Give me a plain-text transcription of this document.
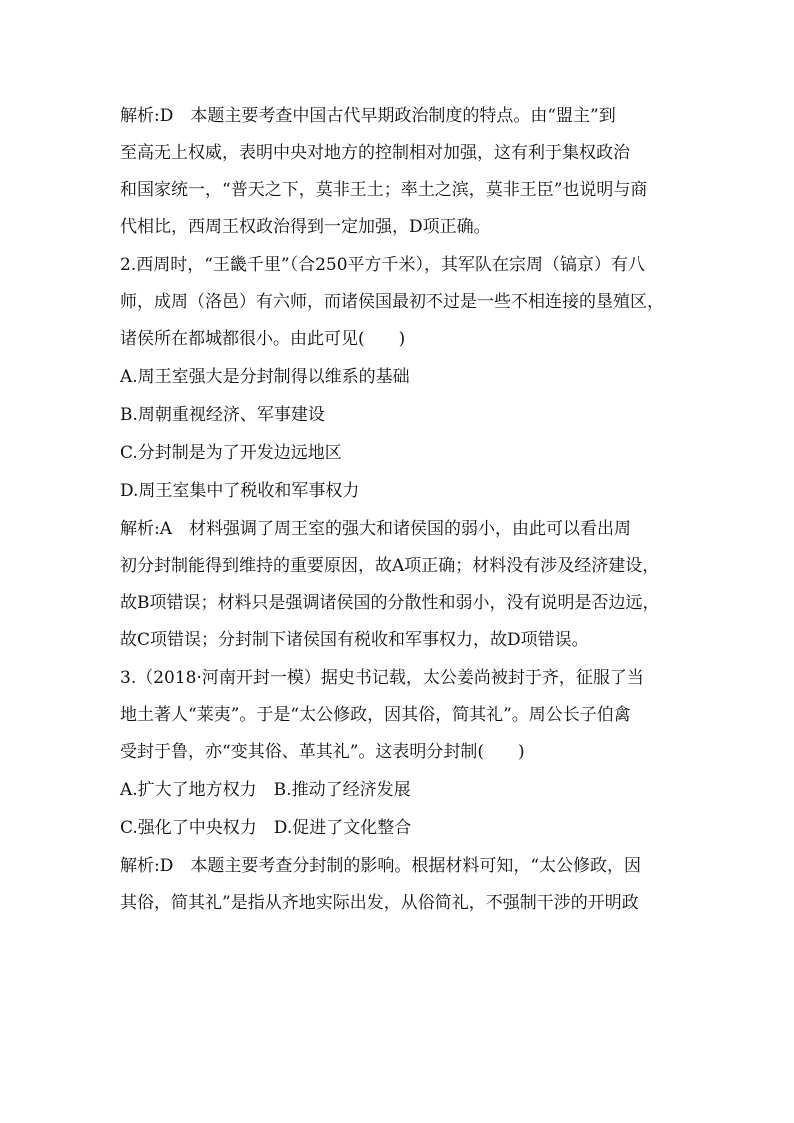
解析:D　本题主要考查中国古代早期政治制度的特点。由“盟主”到
至高无上权威，表明中央对地方的控制相对加强，这有利于集权政治
和国家统一，“普天之下，莫非王土；率土之滨，莫非王臣”也说明与商
代相比，西周王权政治得到一定加强，D项正确。
2.西周时，“王畿千里”（合250平方千米），其军队在宗周（镐京）有八
师，成周（洛邑）有六师，而诸侯国最初不过是一些不相连接的垦殖区，
诸侯所在都城都很小。由此可见(　　)
A.周王室强大是分封制得以维系的基础
B.周朝重视经济、军事建设
C.分封制是为了开发边远地区
D.周王室集中了税收和军事权力
解析:A　材料强调了周王室的强大和诸侯国的弱小，由此可以看出周
初分封制能得到维持的重要原因，故A项正确；材料没有涉及经济建设，
故B项错误；材料只是强调诸侯国的分散性和弱小，没有说明是否边远，
故C项错误；分封制下诸侯国有税收和军事权力，故D项错误。
3.（2018·河南开封一模）据史书记载，太公姜尚被封于齐，征服了当
地土著人“莱夷”。于是“太公修政，因其俗，简其礼”。周公长子伯禽
受封于鲁，亦“变其俗、革其礼”。这表明分封制(　　)
A.扩大了地方权力　B.推动了经济发展
C.强化了中央权力　D.促进了文化整合
解析:D　本题主要考查分封制的影响。根据材料可知，“太公修政，因
其俗，简其礼”是指从齐地实际出发，从俗简礼，不强制干涉的开明政
